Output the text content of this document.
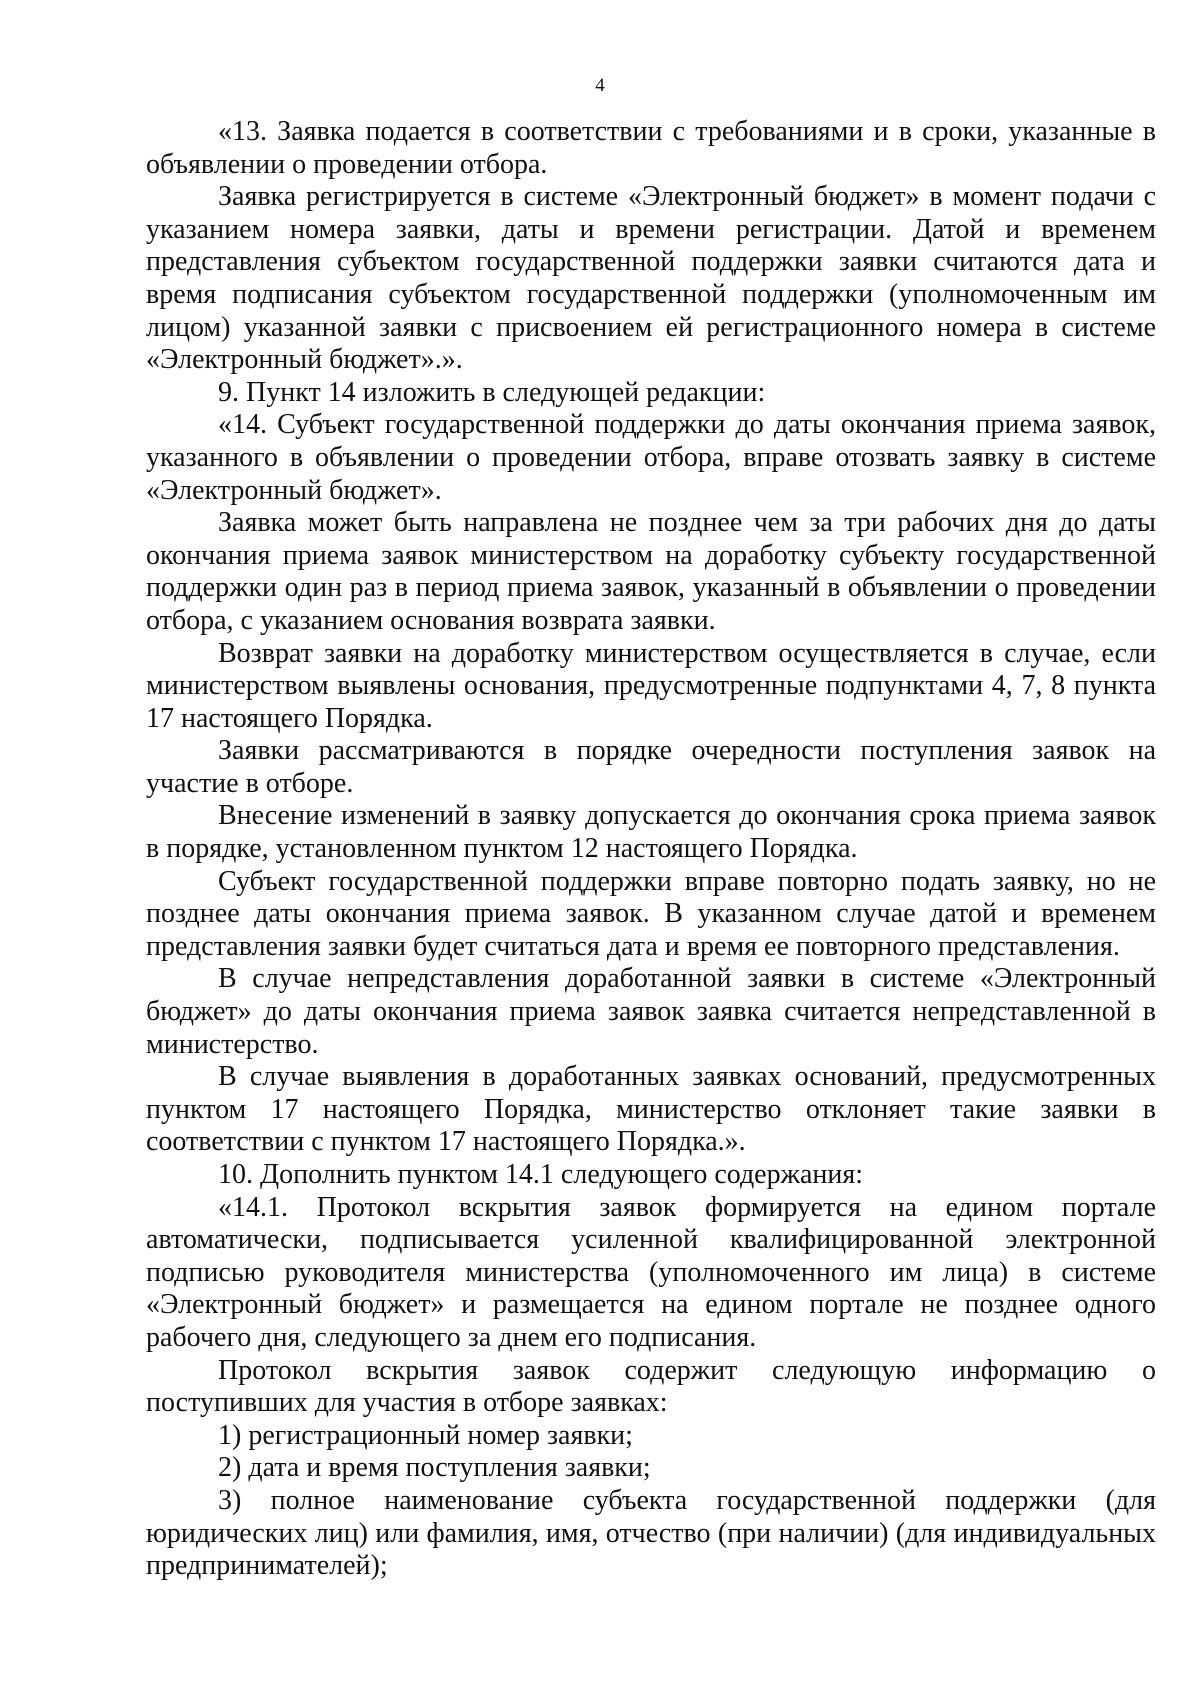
4

«13. Заявка подается в соответствии с требованиями и в сроки, указанные в объявлении о проведении отбора.

Заявка регистрируется в системе «Электронный бюджет» в момент подачи с указанием номера заявки, даты и времени регистрации. Датой и временем представления субъектом государственной поддержки заявки считаются дата и время подписания субъектом государственной поддержки (уполномоченным им лицом) указанной заявки с присвоением ей регистрационного номера в системе «Электронный бюджет».».

9. Пункт 14 изложить в следующей редакции:

«14. Субъект государственной поддержки до даты окончания приема заявок, указанного в объявлении о проведении отбора, вправе отозвать заявку в системе «Электронный бюджет».

Заявка может быть направлена не позднее чем за три рабочих дня до даты окончания приема заявок министерством на доработку субъекту государственной поддержки один раз в период приема заявок, указанный в объявлении о проведении отбора, с указанием основания возврата заявки.

Возврат заявки на доработку министерством осуществляется в случае, если министерством выявлены основания, предусмотренные подпунктами 4, 7, 8 пункта 17 настоящего Порядка.

Заявки рассматриваются в порядке очередности поступления заявок на участие в отборе.

Внесение изменений в заявку допускается до окончания срока приема заявок в порядке, установленном пунктом 12 настоящего Порядка.

Субъект государственной поддержки вправе повторно подать заявку, но не позднее даты окончания приема заявок. В указанном случае датой и временем представления заявки будет считаться дата и время ее повторного представления.

В случае непредставления доработанной заявки в системе «Электронный бюджет» до даты окончания приема заявок заявка считается непредставленной в министерство.

В случае выявления в доработанных заявках оснований, предусмотренных пунктом 17 настоящего Порядка, министерство отклоняет такие заявки в соответствии с пунктом 17 настоящего Порядка.».

10. Дополнить пунктом 14.1 следующего содержания:

«14.1. Протокол вскрытия заявок формируется на едином портале автоматически, подписывается усиленной квалифицированной электронной подписью руководителя министерства (уполномоченного им лица) в системе «Электронный бюджет» и размещается на едином портале не позднее одного рабочего дня, следующего за днем его подписания.

Протокол вскрытия заявок содержит следующую информацию о поступивших для участия в отборе заявках:

1) регистрационный номер заявки;

2) дата и время поступления заявки;

3) полное наименование субъекта государственной поддержки (для юридических лиц) или фамилия, имя, отчество (при наличии) (для индивидуальных предпринимателей);
